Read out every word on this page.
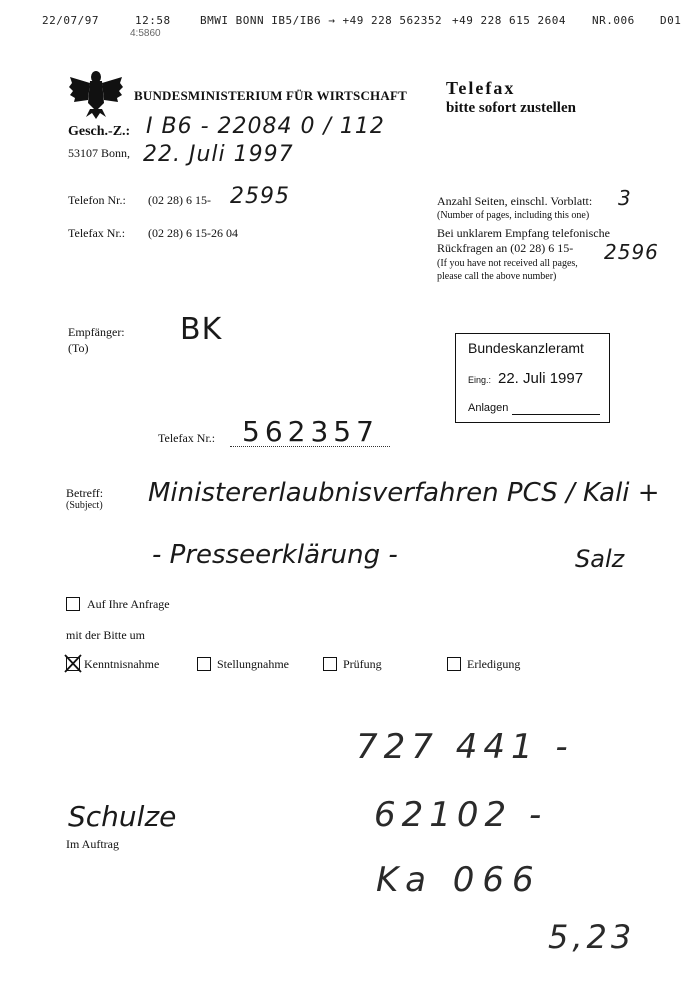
22/07/97	12:58	BMWI BONN IB5/IB6 → +49 228 562352 +49 228 615 2604 NR.006 D01
4:5860
BUNDESMINISTERIUM FÜR WIRTSCHAFT Telefax
bitte sofort zustellen
Gesch.-Z.: I B6 - 22084 0 / 112
53107 Bonn, 22. Juli 1997
Telefon Nr.: (02 28) 6 15- 2595
Telefax Nr.: (02 28) 6 15-26 04
Anzahl Seiten, einschl. Vorblatt: 3
(Number of pages, including this one)
Bei unklarem Empfang telefonische
Rückfragen an (02 28) 6 15- 2596
(If you have not received all pages,
please call the above number)
Empfänger:
(To)
BK
Bundeskanzleramt
Eing.: 22. Juli 1997
Anlagen
Telefax Nr.: 562357
Betreff:
(Subject) Ministererlaubnisverfahren PCS / Kali +
- Presseerklärung -	Salz
Auf Ihre Anfrage
mit der Bitte um
Kenntnisnahme	Stellungnahme	Prüfung	Erledigung
727 441 -
62102 -
Ka 066
5,23
Schulze
Im Auftrag
